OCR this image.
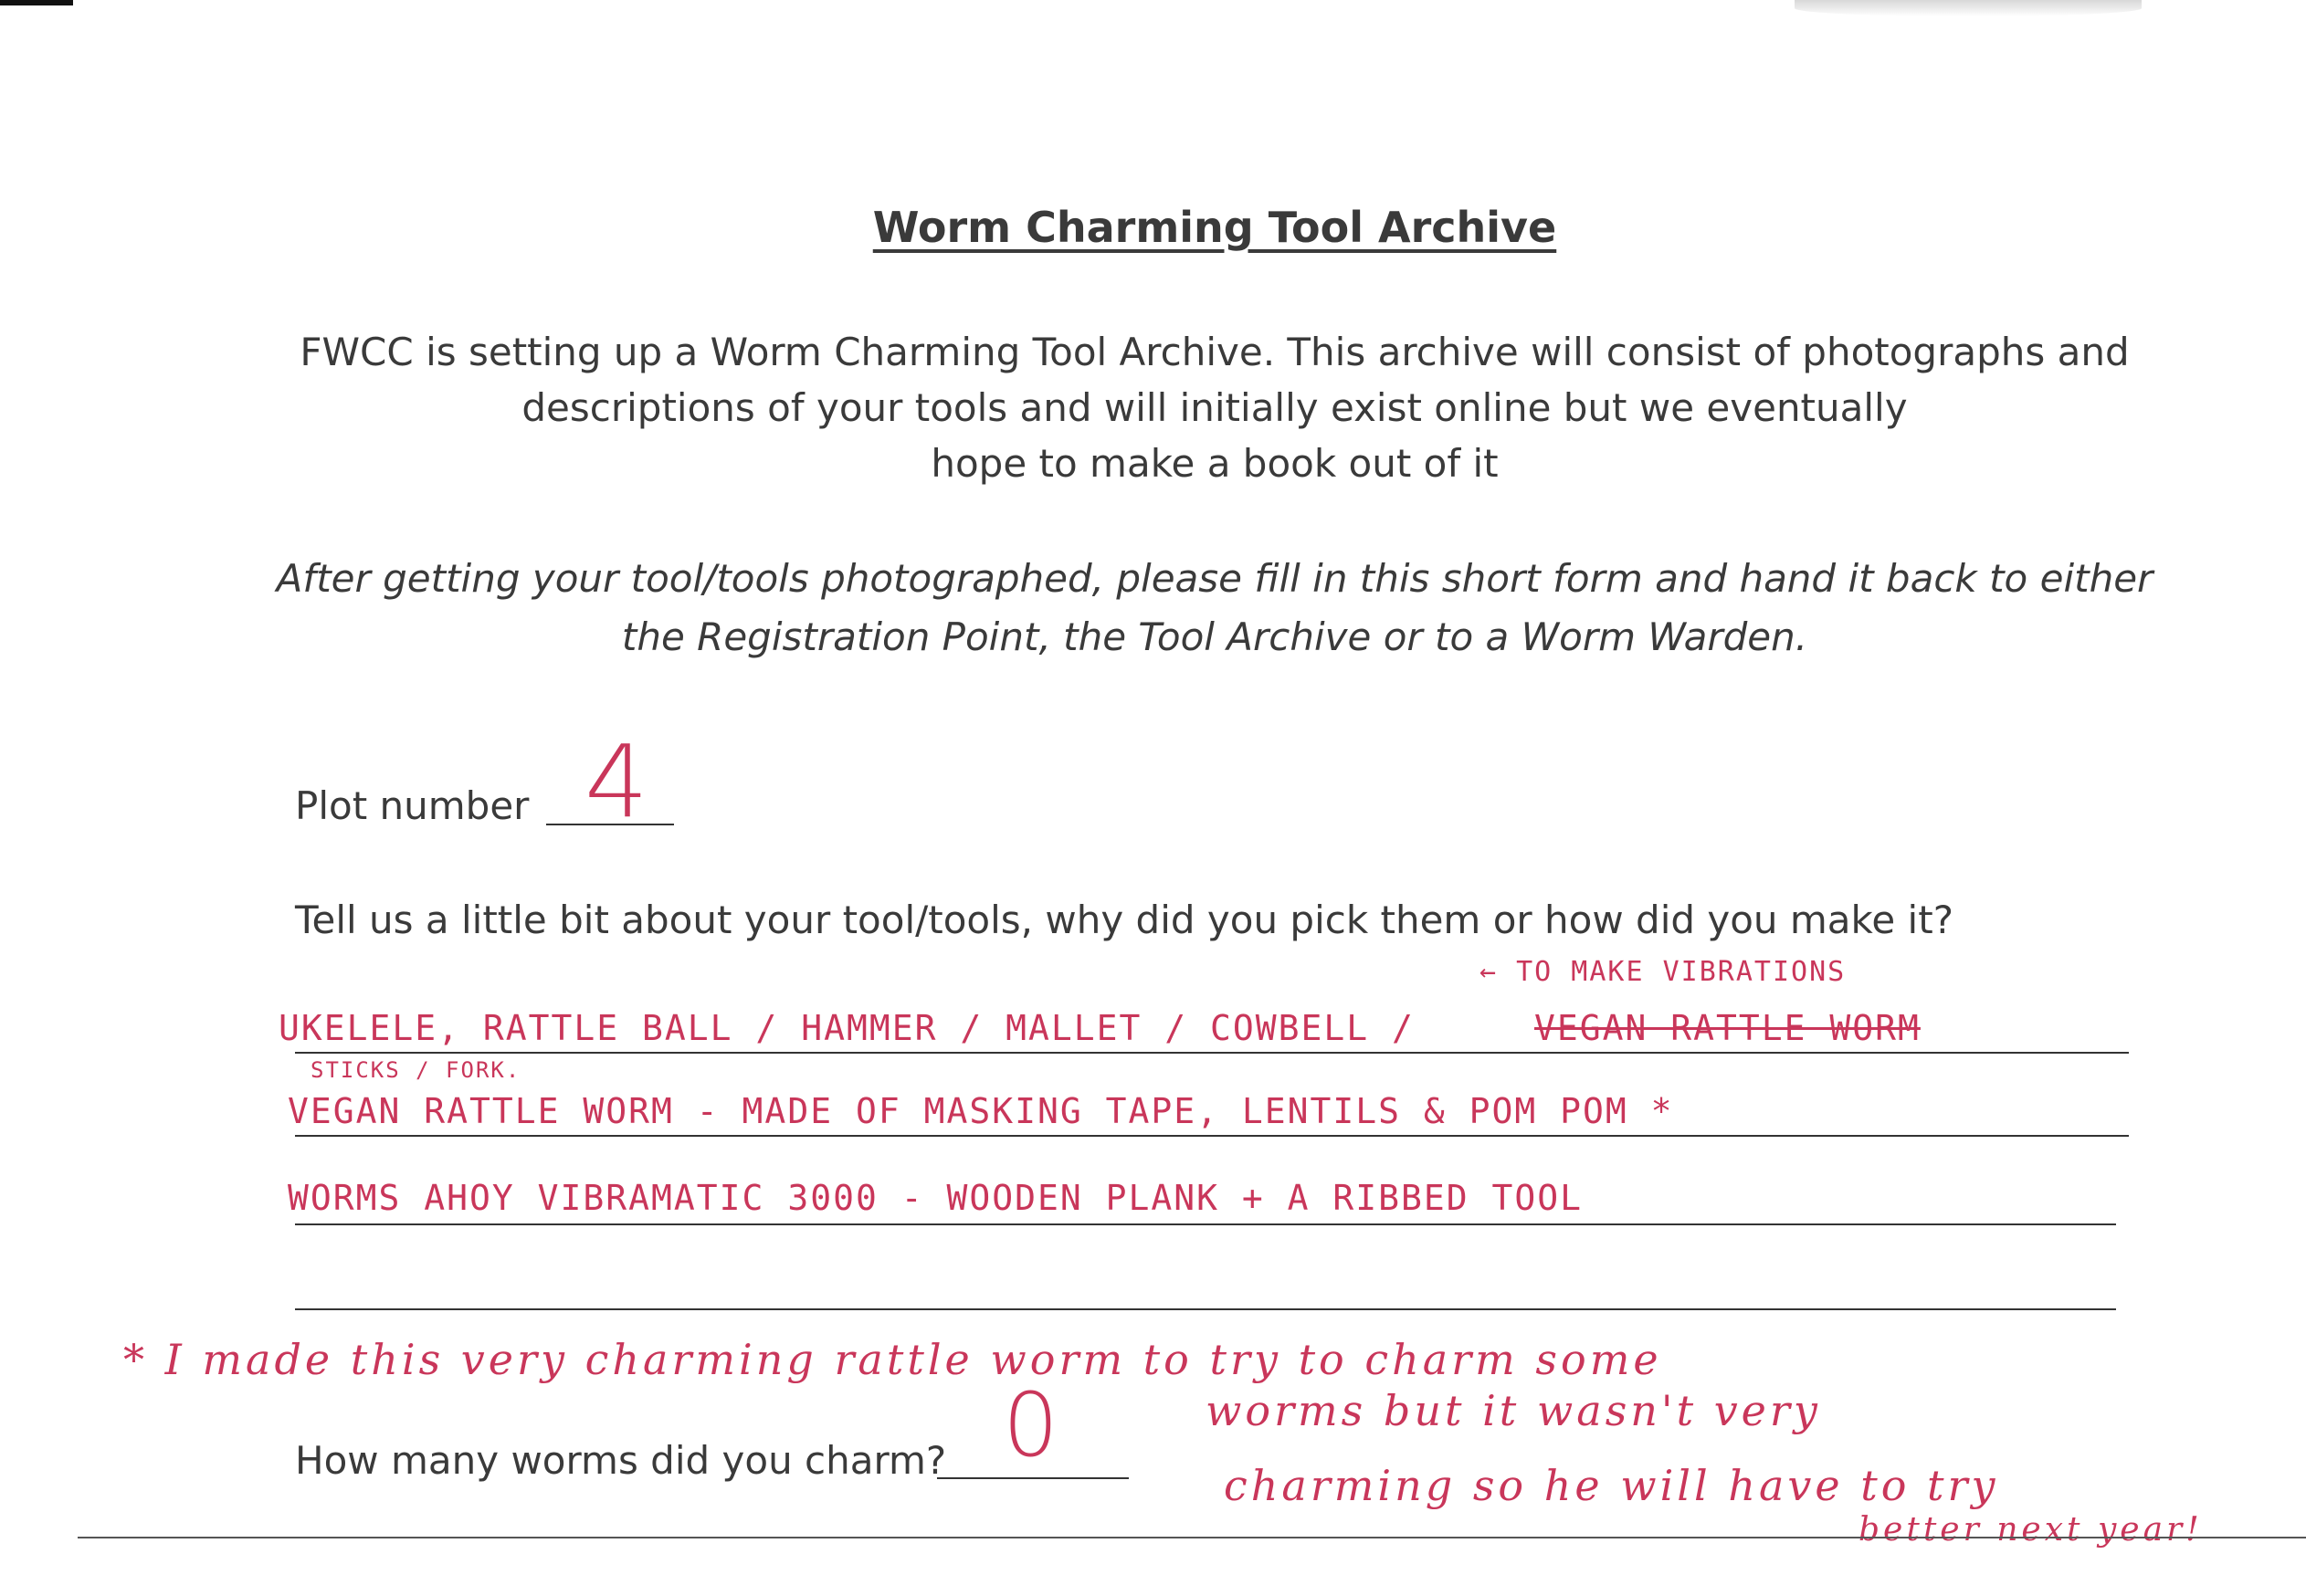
Worm Charming Tool Archive
FWCC is setting up a Worm Charming Tool Archive. This archive will consist of photographs and
descriptions of your tools and will initially exist online but we eventually
hope to make a book out of it
After getting your tool/tools photographed, please fill in this short form and hand it back to either
the Registration Point, the Tool Archive or to a Worm Warden.
Plot number 4
Tell us a little bit about your tool/tools, why did you pick them or how did you make it?
← TO MAKE VIBRATIONS
UKELELE, RATTLE BALL / HAMMER / MALLET / COWBELL /	VEGAN RATTLE WORM
STICKS / FORK.
VEGAN RATTLE WORM - MADE OF MASKING TAPE, LENTILS & POM POM *
WORMS AHOY VIBRAMATIC 3000 - WOODEN PLANK + A RIBBED TOOL
* I made this very charming rattle worm to try to charm some
worms but it wasn't very
charming so he will have to try
better next year!
How many worms did you charm? 0
